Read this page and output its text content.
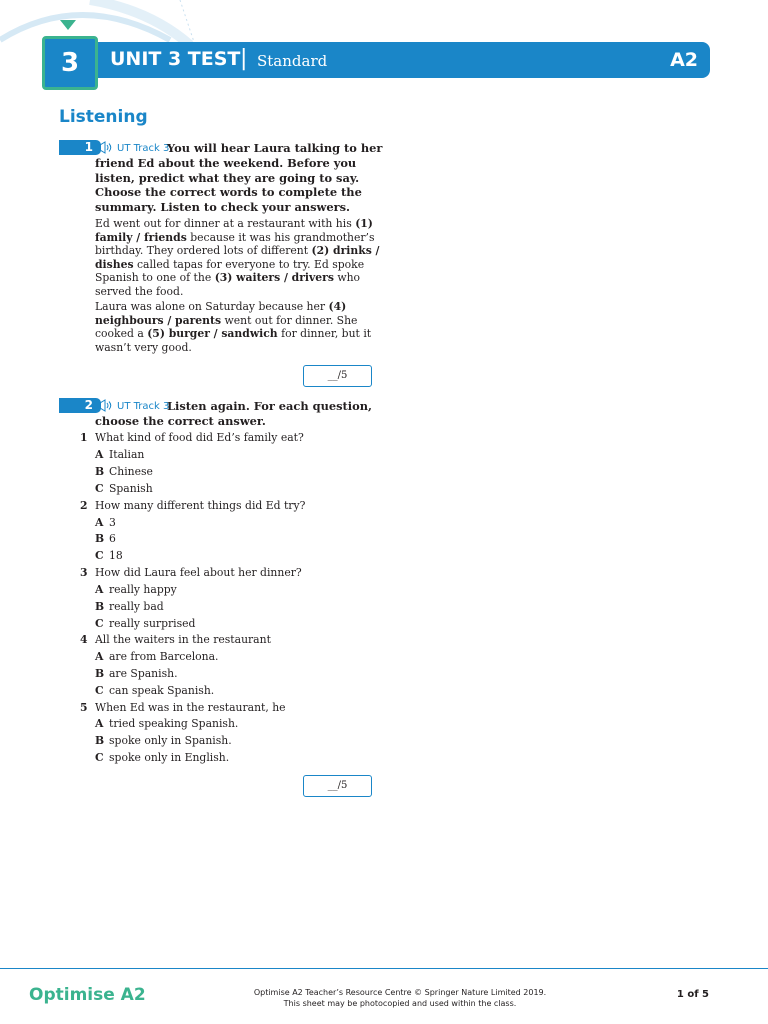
3	UNIT 3 TEST | Standard	A2
Listening
1	UT Track 3
You will hear Laura talking to her friend Ed about the weekend. Before you listen, predict what they are going to say. Choose the correct words to complete the summary. Listen to check your answers.
Ed went out for dinner at a restaurant with his (1) family / friends because it was his grandmother’s birthday. They ordered lots of different (2) drinks / dishes called tapas for everyone to try. Ed spoke Spanish to one of the (3) waiters / drivers who served the food.
Laura was alone on Saturday because her (4) neighbours / parents went out for dinner. She cooked a (5) burger / sandwich for dinner, but it wasn’t very good.
__/5
2	UT Track 3
Listen again. For each question, choose the correct answer.
1 What kind of food did Ed’s family eat?
A Italian
B Chinese
C Spanish
2 How many different things did Ed try?
A 3
B 6
C 18
3 How did Laura feel about her dinner?
A really happy
B really bad
C really surprised
4 All the waiters in the restaurant
A are from Barcelona.
B are Spanish.
C can speak Spanish.
5 When Ed was in the restaurant, he
A tried speaking Spanish.
B spoke only in Spanish.
C spoke only in English.
__/5
Optimise A2	Optimise A2 Teacher’s Resource Centre © Springer Nature Limited 2019.
This sheet may be photocopied and used within the class.
1 of 5
